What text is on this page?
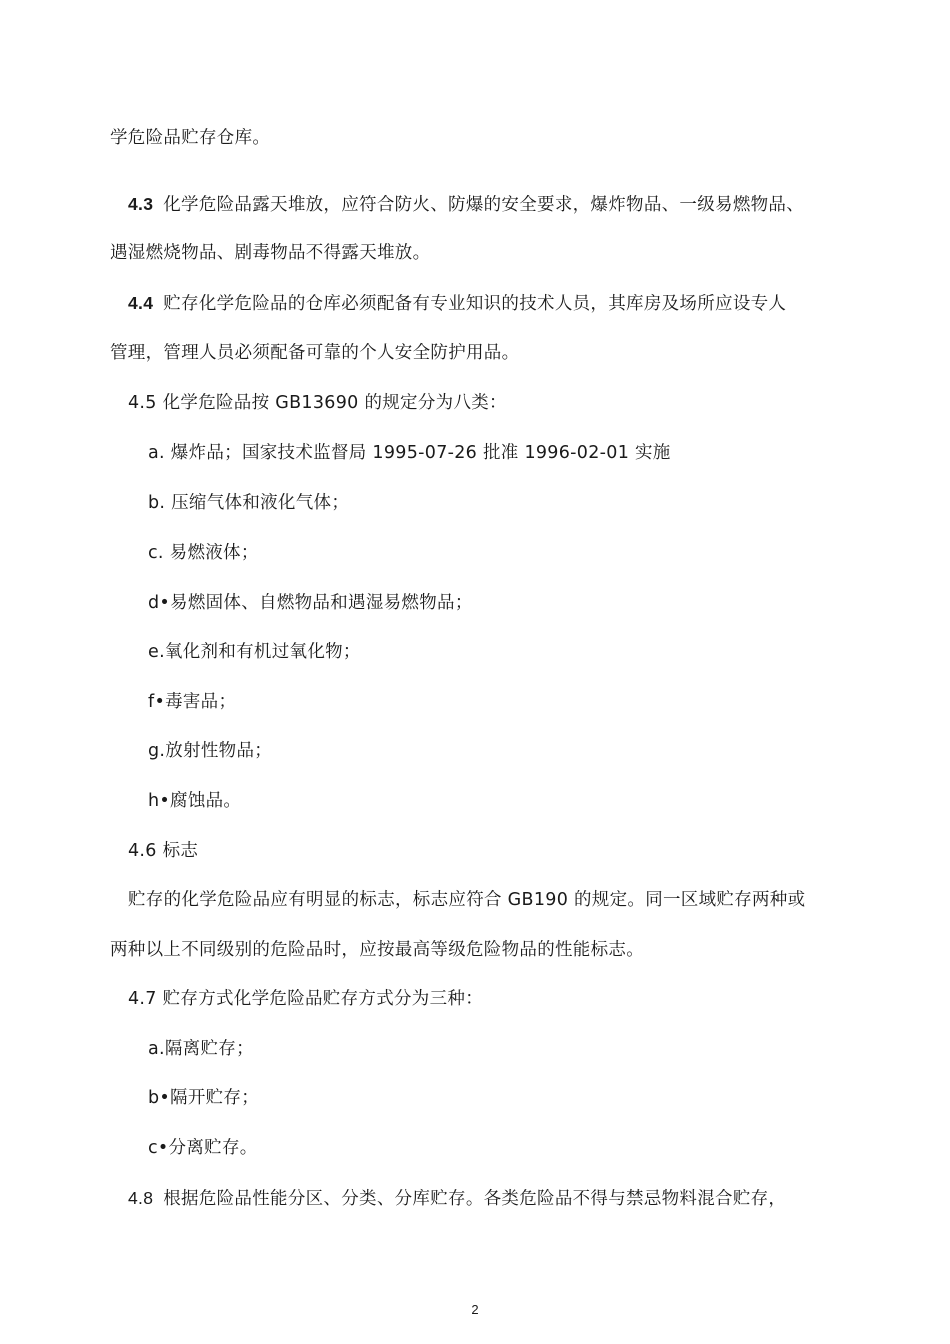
学危险品贮存仓库。
4.3 化学危险品露天堆放，应符合防火、防爆的安全要求，爆炸物品、一级易燃物品、
遇湿燃烧物品、剧毒物品不得露天堆放。
4.4 贮存化学危险品的仓库必须配备有专业知识的技术人员，其库房及场所应设专人
管理，管理人员必须配备可靠的个人安全防护用品。
4.5 化学危险品按 GB13690 的规定分为八类：
a. 爆炸品；国家技术监督局 1995-07-26 批准 1996-02-01 实施
b. 压缩气体和液化气体；
c. 易燃液体；
d•易燃固体、自燃物品和遇湿易燃物品；
e.氧化剂和有机过氧化物；
f•毒害品；
g.放射性物品；
h•腐蚀品。
4.6 标志
贮存的化学危险品应有明显的标志，标志应符合 GB190 的规定。同一区域贮存两种或
两种以上不同级别的危险品时，应按最高等级危险物品的性能标志。
4.7 贮存方式化学危险品贮存方式分为三种：
a.隔离贮存；
b•隔开贮存；
c•分离贮存。
4.8 根据危险品性能分区、分类、分库贮存。各类危险品不得与禁忌物料混合贮存，
2
